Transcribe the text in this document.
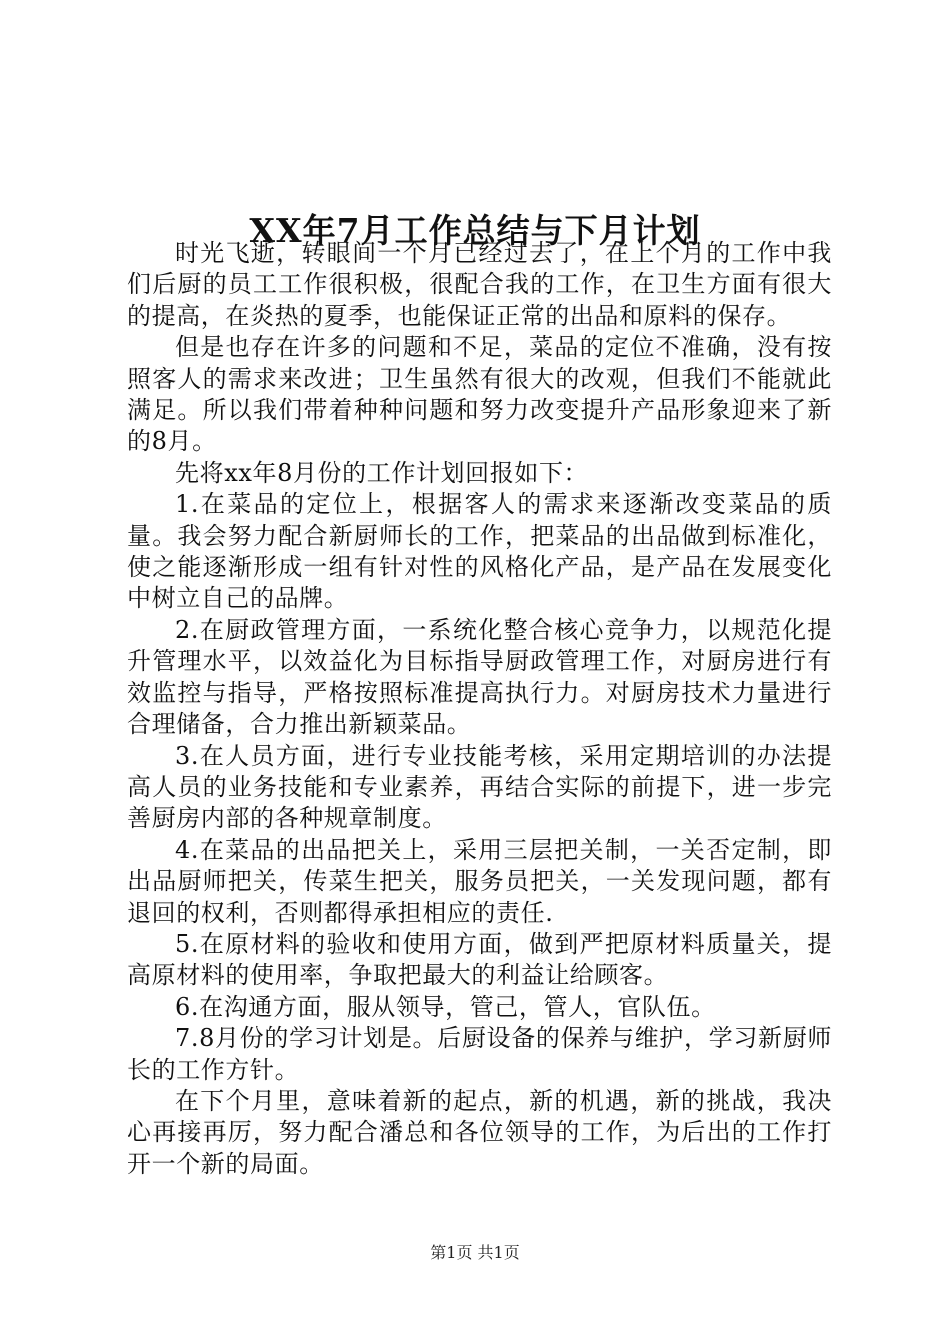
XX年7月工作总结与下月计划

时光飞逝，转眼间一个月已经过去了，在上个月的工作中我们后厨的员工工作很积极，很配合我的工作，在卫生方面有很大的提高，在炎热的夏季，也能保证正常的出品和原料的保存。

但是也存在许多的问题和不足，菜品的定位不准确，没有按照客人的需求来改进；卫生虽然有很大的改观，但我们不能就此满足。所以我们带着种种问题和努力改变提升产品形象迎来了新的8月。

先将xx年8月份的工作计划回报如下：

1.在菜品的定位上，根据客人的需求来逐渐改变菜品的质量。我会努力配合新厨师长的工作，把菜品的出品做到标准化，使之能逐渐形成一组有针对性的风格化产品，是产品在发展变化中树立自己的品牌。

2.在厨政管理方面，一系统化整合核心竞争力，以规范化提升管理水平，以效益化为目标指导厨政管理工作，对厨房进行有效监控与指导，严格按照标准提高执行力。对厨房技术力量进行合理储备，合力推出新颖菜品。

3.在人员方面，进行专业技能考核，采用定期培训的办法提高人员的业务技能和专业素养，再结合实际的前提下，进一步完善厨房内部的各种规章制度。

4.在菜品的出品把关上，采用三层把关制，一关否定制，即出品厨师把关，传菜生把关，服务员把关，一关发现问题，都有退回的权利，否则都得承担相应的责任.

5.在原材料的验收和使用方面，做到严把原材料质量关，提高原材料的使用率，争取把最大的利益让给顾客。

6.在沟通方面，服从领导，管己，管人，官队伍。

7.8月份的学习计划是。后厨设备的保养与维护，学习新厨师长的工作方针。

在下个月里，意味着新的起点，新的机遇，新的挑战，我决心再接再厉，努力配合潘总和各位领导的工作，为后出的工作打开一个新的局面。

第1页 共1页
